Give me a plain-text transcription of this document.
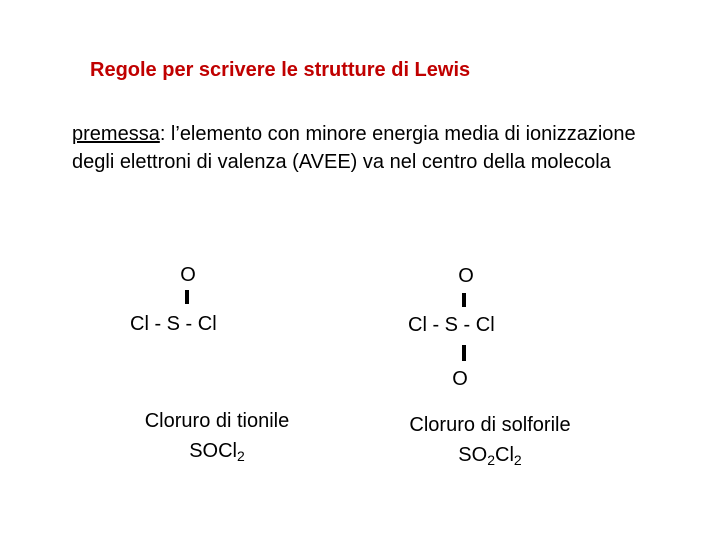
Regole per scrivere le strutture di Lewis
premessa: l’elemento con minore energia media di ionizzazione degli elettroni di valenza (AVEE) va nel centro della molecola
O
Cl - S - Cl
Cloruro di tionile
SOCl$_2$
O
Cl - S - Cl
O
Cloruro di solforile
$SO_2Cl_2$
